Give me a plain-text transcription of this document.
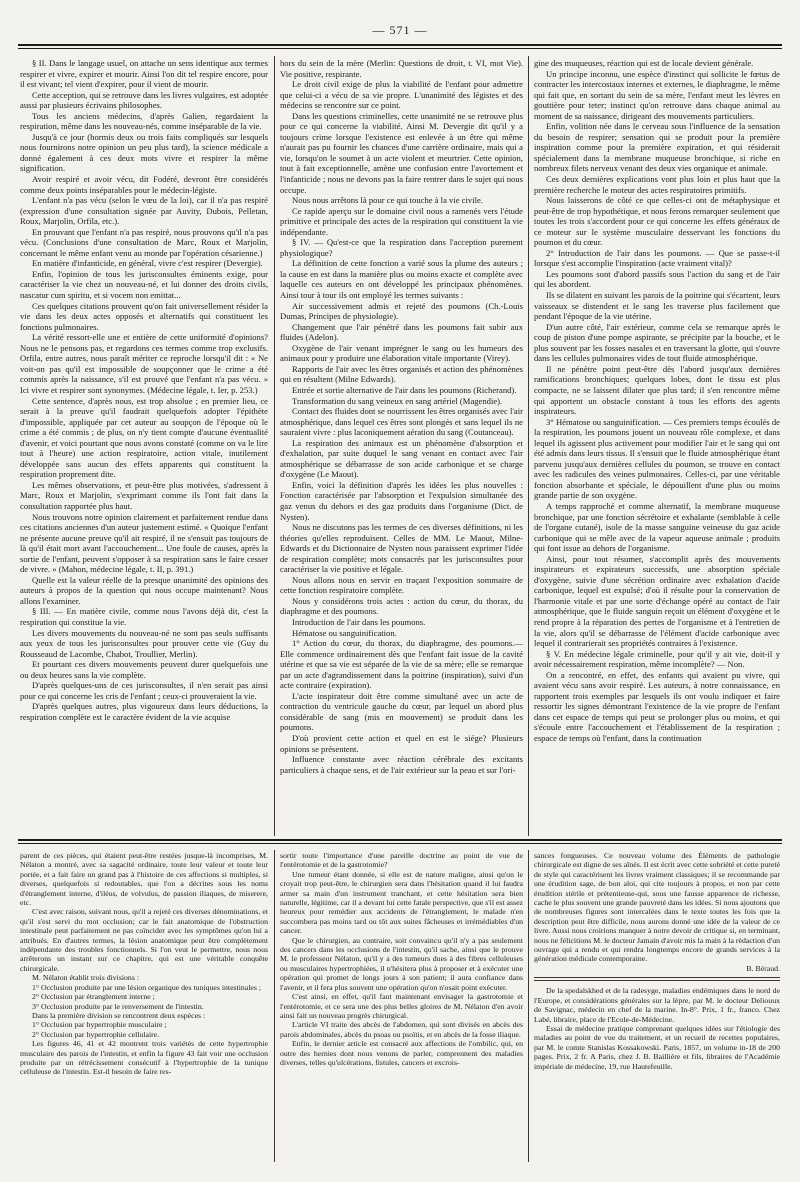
— 571 —

§ II. Dans le langage usuel, on attache un sens identique aux termes respirer et vivre, expirer et mourir. Ainsi l'on dit tel respire encore, pour il est vivant; tel vient d'expirer, pour il vient de mourir.

Cette acception, qui se retrouve dans les livres vulgaires, est adoptée aussi par plusieurs écrivains philosophes.

Tous les anciens médecins, d'après Galien, regardaient la respiration, même dans les nouveau-nés, comme inséparable de la vie.

Jusqu'à ce jour (hormis deux ou trois faits compliqués sur lesquels nous fournirons notre opinion un peu plus tard), la science médicale a donné également à ces deux mots vivre et respirer la même signification.

Avoir respiré et avoir vécu, dit Fodéré, devront être considérés comme deux points inséparables pour le médecin-légiste.

L'enfant n'a pas vécu (selon le vœu de la loi), car il n'a pas respiré (expression d'une consultation signée par Auvity, Dubois, Pelletan, Roux, Marjolin, Orfila, etc.).

En prouvant que l'enfant n'a pas respiré, nous prouvons qu'il n'a pas vécu. (Conclusions d'une consultation de Marc, Roux et Marjolin, concernant le même enfant venu au monde par l'opération césarienne.)

En matière d'infanticide, en général, vivre c'est respirer (Devergie).

Enfin, l'opinion de tous les jurisconsultes éminents exige, pour caractériser la vie chez un nouveau-né, et lui donner des droits civils, nascatur cum spiritu, et si vocem non emittat...

Ces quelques citations prouvent qu'on fait universellement résider la vie dans les deux actes opposés et alternatifs qui constituent les fonctions pulmonaires.

La vérité ressort-elle une et entière de cette uniformité d'opinions? Nous ne le pensons pas, et regardons ces termes comme trop exclusifs. Orfila, entre autres, nous paraît mériter ce reproche lorsqu'il dit : « Ne voit-on pas qu'il est impossible de soupçonner que le crime a été commis après la naissance, s'il est prouvé que l'enfant n'a pas vécu. » Ici vivre et respirer sont synonymes. (Médecine légale, t. Ier, p. 253.)

Cette sentence, d'après nous, est trop absolue ; en premier lieu, ce serait à la preuve qu'il faudrait quelquefois adopter l'épithète d'impossible, appliquée par cet auteur au soupçon de l'époque où le crime a été commis ; de plus, on n'y tient compte d'aucune éventualité d'avenir, et voici pourtant que nous avons constaté (comme on va le lire tout à l'heure) une action respiratoire, action vitale, inutilement développée sans aucun des effets apparents qui constituent la respiration proprement dite.

Les mêmes observations, et peut-être plus motivées, s'adressent à Marc, Roux et Marjolin, s'exprimant comme ils l'ont fait dans la consultation rapportée plus haut.

Nous trouvons notre opinion clairement et parfaitement rendue dans ces citations anciennes d'un auteur justement estimé. « Quoique l'enfant ne présente aucune preuve qu'il ait respiré, il ne s'ensuit pas toujours de là qu'il était mort avant l'accouchement... Une foule de causes, après la sortie de l'enfant, peuvent s'opposer à sa respiration sans le faire cesser de vivre. » (Mahon, médecine légale, t. II, p. 391.)

Quelle est la valeur réelle de la presque unanimité des opinions des auteurs à propos de la question qui nous occupe maintenant? Nous allons l'examiner.

§ III. — En matière civile, comme nous l'avons déjà dit, c'est la respiration qui constitue la vie.

Les divers mouvements du nouveau-né ne sont pas seuls suffisants aux yeux de tous les jurisconsultes pour prouver cette vie (Guy du Rousseaud de Lacombe, Chabot, Troullier, Merlin).

Et pourtant ces divers mouvements peuvent durer quelquefois une ou deux heures sans la vie complète.

D'après quelques-uns de ces jurisconsultes, il n'en serait pas ainsi pour ce qui concerne les cris de l'enfant ; ceux-ci prouveraient la vie.

D'après quelques autres, plus vigoureux dans leurs déductions, la respiration complète est le caractère évident de la vie acquise

hors du sein de la mère (Merlin: Questions de droit, t. VI, mot Vie). Vie positive, respirante.

Le droit civil exige de plus la viabilité de l'enfant pour admettre que celui-ci a vécu de sa vie propre. L'unanimité des légistes et des médecins se rencontre sur ce point.

Dans les questions criminelles, cette unanimité ne se retrouve plus pour ce qui concerne la viabilité. Ainsi M. Devergie dit qu'il y a toujours crime lorsque l'existence est enlevée à un être qui même n'aurait pas pu fournir les chances d'une carrière ordinaire, mais qui a vie, lorsqu'on le soumet à un acte violent et meurtrier. Cette opinion, tout à fait exceptionnelle, amène une confusion entre l'avortement et l'infanticide ; nous ne devons pas la faire rentrer dans le sujet qui nous occupe.

Nous nous arrêtons là pour ce qui touche à la vie civile.

Ce rapide aperçu sur le domaine civil nous a ramenés vers l'étude primitive et principale des actes de la respiration qui constituent la vie indépendante.

§ IV. — Qu'est-ce que la respiration dans l'acception purement physiologique?

La définition de cette fonction a varié sous la plume des auteurs ; la cause en est dans la manière plus ou moins exacte et complète avec laquelle ces auteurs en ont développé les principaux phénomènes. Ainsi tour à tour ils ont employé les termes suivants :

Air successivement admis et rejeté des poumons (Ch.-Louis Dumas, Principes de physiologie).

Changement que l'air pénétré dans les poumons fait subir aux fluides (Adelon).

Oxygène de l'air venant imprégner le sang ou les humeurs des animaux pour y produire une élaboration vitale importante (Virey).

Rapports de l'air avec les êtres organisés et action des phénomènes qui en résultent (Milne Edwards).

Entrée et sortie alternative de l'air dans les poumons (Richerand).

Transformation du sang veineux en sang artériel (Magendie).

Contact des fluides dont se nourrissent les êtres organisés avec l'air atmosphérique, dans lequel ces êtres sont plongés et sans lequel ils ne sauraient vivre : plus laconiquement aération du sang (Coutanceau).

La respiration des animaux est un phénomène d'absorption et d'exhalation, par suite duquel le sang venant en contact avec l'air atmosphérique se débarrasse de son acide carbonique et se charge d'oxygène (Le Maout).

Enfin, voici la définition d'après les idées les plus nouvelles : Fonction caractérisée par l'absorption et l'expulsion simultanée des gaz venus du dehors et des gaz produits dans l'organisme (Dict. de Nysten).

Nous ne discutons pas les termes de ces diverses définitions, ni les théories qu'elles reproduisent. Celles de MM. Le Maout, Milne-Edwards et du Dictionnaire de Nysten nous paraissent exprimer l'idée de respiration complète; mots consacrés par les jurisconsultes pour caractériser la vie positive et légale.

Nous allons nous en servir en traçant l'exposition sommaire de cette fonction respiratoire complète.

Nous y considérons trois actes : action du cœur, du thorax, du diaphragme et des poumons.

Introduction de l'air dans les poumons.

Hématose ou sanguinification.

1° Action du cœur, du thorax, du diaphragme, des poumons.— Elle commence ordinairement dès que l'enfant fait issue de la cavité utérine et que sa vie est séparée de la vie de sa mère; elle se remarque par un acte d'agrandissement dans la poitrine (inspiration), suivi d'un acte contraire (expiration).

L'acte inspirateur doit être comme simultané avec un acte de contraction du ventricule gauche du cœur, par lequel un abord plus considérable de sang (mis en mouvement) se produit dans les poumons.

D'où provient cette action et quel en est le siége? Plusieurs opinions se présentent.

Influence constante avec réaction cérébrale des excitants particuliers à chaque sens, et de l'air extérieur sur la peau et sur l'ori-

gine des muqueuses, réaction qui est de locale devient générale.

Un principe inconnu, une espèce d'instinct qui sollicite le fœtus de contracter les intercostaux internes et externes, le diaphragme, le même qui fait que, en sortant du sein de sa mère, l'enfant meut les lèvres en gouttière pour teter; instinct qu'on retrouve dans chaque animal au moment de sa naissance, dirigeant des mouvements particuliers.

Enfin, volition née dans le cerveau sous l'influence de la sensation du besoin de respirer; sensation qui se produit pour la première inspiration comme pour la première expiration, et qui résiderait spécialement dans la membrane muqueuse bronchique, si riche en nombreux filets nerveux venant des deux vies organique et animale.

Ces deux dernières explications vont plus loin et plus haut que la première recherche le moteur des actes respiratoires primitifs.

Nous laisserons de côté ce que celles-ci ont de métaphysique et peut-être de trop hypothétique, et nous ferons remarquer seulement que toutes les trois s'accordent pour ce qui concerne les effets généraux de ce moteur sur le système musculaire desservant les fonctions du poumon et du cœur.

2° Introduction de l'air dans les poumons. — Que se passe-t-il lorsque s'est accomplie l'inspiration (acte vraiment vital)?

Les poumons sont d'abord passifs sous l'action du sang et de l'air qui les abordent.

Ils se dilatent en suivant les parois de la poitrine qui s'écartent, leurs vaisseaux se distendent et le sang les traverse plus facilement que pendant l'époque de la vie utérine.

D'un autre côté, l'air extérieur, comme cela se remarque après le coup de piston d'une pompe aspirante, se précipite par la bouche, et le plus souvent par les fosses nasales et en traversant la glotte, qui s'ouvre dans les cellules pulmonaires vides de tout fluide atmosphérique.

Il ne pénètre point peut-être dès l'abord jusqu'aux dernières ramifications bronchiques; quelques lobes, dont le tissu est plus compacte, ne se laissent dilater que plus tard; il s'en rencontre même qui apportent un obstacle constant à tous les efforts des agents inspirateurs.

3° Hématose ou sanguinification. — Ces premiers temps écoulés de la respiration, les poumons jouent un nouveau rôle complexe, et dans lequel ils agissent plus activement pour modifier l'air et le sang qui ont été admis dans leurs tissus. Il s'ensuit que le fluide atmosphérique étant parvenu jusqu'aux dernières cellules du poumon, se trouve en contact avec les radicules des veines pulmonaires. Celles-ci, par une véritable fonction absorbante et spéciale, le dépouillent d'une plus ou moins grande partie de son oxygène.

A temps rapproché et comme alternatif, la membrane muqueuse bronchique, par une fonction sécrétoire et exhalante (semblable à celle de l'organe cutané), isole de la masse sanguine veineuse du gaz acide carbonique qui se mêle avec de la vapeur aqueuse animale ; produits qui font issue au dehors de l'organisme.

Ainsi, pour tout résumer, s'accomplit après des mouvements inspirateurs et expirateurs successifs, une absorption spéciale d'oxygène, suivie d'une sécrétion ordinaire avec exhalation d'acide carbonique, lequel est expulsé; d'où il résulte pour la conservation de l'harmonie vitale et par une sorte d'échange opéré au contact de l'air atmosphérique, que le fluide sanguin reçoit un élément d'oxygène et le rend propre à la réparation des pertes de l'organisme et à l'entretien de la vie, alors qu'il se débarrasse de l'élément d'acide carbonique avec lequel il contrarierait ses propriétés contraires à l'existence.

§ V. En médecine légale criminelle, pour qu'il y ait vie, doit-il y avoir nécessairement respiration, même incomplète? — Non.

On a rencontré, en effet, des enfants qui avaient pu vivre, qui avaient vécu sans avoir respiré. Les auteurs, à notre connaissance, en rapportent trois exemples par lesquels ils ont voulu indiquer et faire ressortir les signes démontrant l'existence de la vie propre de l'enfant dans cet espace de temps qui peut se prolonger plus ou moins, et qui s'écoule entre l'accouchement et l'établissement de la respiration ; espace de temps où l'enfant, dans la continuation

parent de ces pièces, qui étaient peut-être restées jusque-là incomprises, M. Nélaton a montré, avec sa sagacité ordinaire, toute leur valeur et toute leur portée, et a fait faire un grand pas à l'histoire de ces affections si multiples, si diverses, quelquefois si redoutables, que l'on a décrites sous les noms d'étranglement interne, d'iléus, de volvulus, de passion iliaques, de miserere, etc.

C'est avec raison, suivant nous, qu'il a rejeté ces diverses dénominations, et qu'il s'est servi du mot occlusion; car le fait anatomique de l'obstruction intestinale peut parfaitement ne pas coïncider avec les symptômes qu'on lui a attribués. En d'autres termes, la lésion anatomique peut être complètement indépendante des troubles fonctionnels. Si l'on veut le permettre, nous nous arrêterons un instant sur ce chapitre, qui est une véritable conquête chirurgicale.

M. Nélaton établit trois divisions :

1° Occlusion produite par une lésion organique des tuniques intestinales ;

2° Occlusion par étranglement interne ;

3° Occlusion produite par le renversement de l'intestin.

Dans la première division se rencontrent deux espèces :

1° Occlusion par hypertrophie musculaire ;

2° Occlusion par hypertrophie cellulaire.

Les figures 46, 41 et 42 montrent trois variétés de cette hypertrophie musculaire des parois de l'intestin, et enfin la figure 43 fait voir une occlusion produite par un rétrécissement consécutif à l'hypertrophie de la tunique celluleuse de l'intestin. Est-il besoin de faire res-

sortir toute l'importance d'une pareille doctrine au point de vue de l'entérotomie et de la gastrotomie?

Une tumeur étant donnée, si elle est de nature maligne, ainsi qu'on le croyait trop peut-être, le chirurgien sera dans l'hésitation quand il lui faudra armer sa main d'un instrument tranchant, et cette hésitation sera bien naturelle, légitime, car il a devant lui cette fatale perspective, que s'il est assez heureux pour remédier aux accidents de l'étranglement, le malade n'en succombera pas moins tard ou tôt aux suites fâcheuses et irrémédiables d'un cancer.

Que le chirurgien, au contraire, soit convaincu qu'il n'y a pas seulement des cancers dans les occlusions de l'intestin, qu'il sache, ainsi que le prouve M. le professeur Nélaton, qu'il y a des tumeurs dues à des fibres celluleuses ou musculaires hypertrophiées, il n'hésitera plus à proposer et à exécuter une opération qui promet de longs jours à son patient; il aura confiance dans l'avenir, et il fera plus souvent une opération qu'on n'osait point exécuter.

C'est ainsi, en effet, qu'il faut maintenant envisager la gastrotomie et l'entérotomie, et ce sera une des plus belles gloires de M. Nélaton d'en avoir ainsi fait un nouveau progrès chirurgical.

L'article VI traite des abcès de l'abdomen, qui sont divisés en abcès des parois abdominales, abcès du psoas ou psoïtis, et en abcès de la fosse iliaque.

Enfin, le dernier article est consacré aux affections de l'ombilic, qui, en outre des hernies dont nous venons de parler, comprennent des maladies diverses, telles qu'ulcérations, fistules, cancers et excrois-

sances fongueuses. Ce nouveau volume des Éléments de pathologie chirurgicale est digne de ses aînés. Il est écrit avec cette sobriété et cette pureté de style qui caractérisent les livres vraiment classiques; il se recommande par une érudition sage, de bon aloi, qui cite toujours à propos, et non par cette érudition stérile et prétentieuse-qui, sous une fausse apparence de richesse, cache le plus souvent une grande pauvreté dans les idées. Si nous ajoutons que de nombreuses figures sont intercalées dans le texte toutes les fois que la description peut être difficile, nous aurons donné une idée de la valeur de ce livre. Aussi nous croirions manquer à notre devoir de critique si, en terminant, nous ne félicitions M. le docteur Jamain d'avoir mis la main à la rédaction d'un ouvrage qui a rendu et qui rendra longtemps encore de grands services à la génération médicale contemporaine.

B. Béraud.

De la spedalskhed et de la radesyge, maladies endémiques dans le nord de l'Europe, et considérations générales sur la lèpre, par M. le docteur Deliouux de Savignac, médecin en chef de la marine. In-8°. Prix, 1 fr., franco. Chez Labé, libraire, place de l'Ecole-de-Médecine.

Essai de médecine pratique comprenant quelques idées sur l'étiologie des maladies au point de vue du traitement, et un recueil de recettes populaires, par M. le comte Stanislas Kossakowski. Paris, 1857, un volume in-18 de 200 pages. Prix, 2 fr. A Paris, chez J. B. Baillière et fils, libraires de l'Académie impériale de médecine, 19, rue Hautefeuille.
